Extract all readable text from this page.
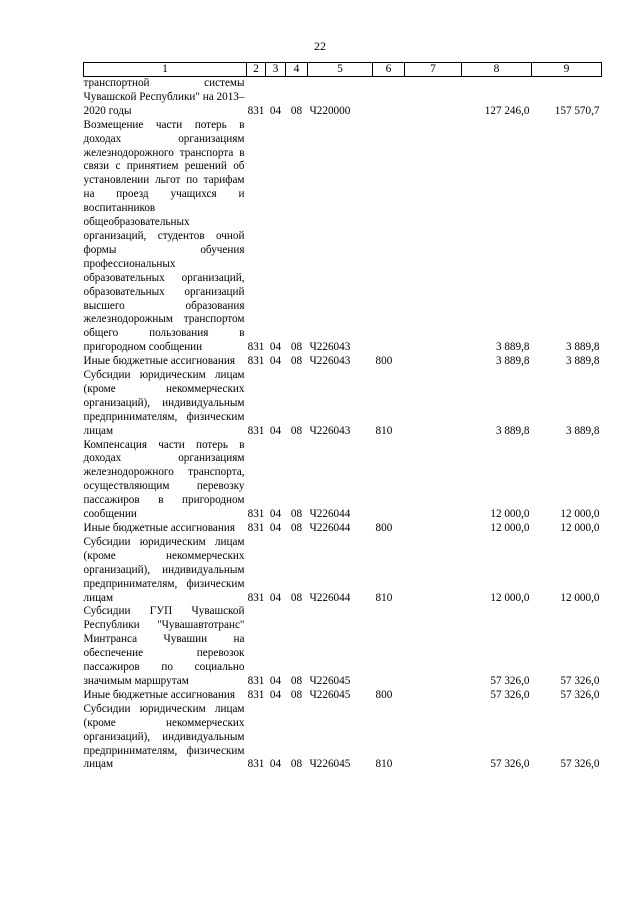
22
1	2	3	4	5	6	7	8	9
транспортной системы Чувашской Республики" на 2013–2020 годы	831	04	08	Ч220000			127 246,0	157 570,7
Возмещение части потерь в доходах организациям железнодорожного транспорта в связи с принятием решений об установлении льгот по тарифам на проезд учащихся и воспитанников общеобразовательных организаций, студентов очной формы обучения профессиональных образовательных организаций, образовательных организаций высшего образования железнодорожным транспортом общего пользования в пригородном сообщении	831	04	08	Ч226043			3 889,8	3 889,8
Иные бюджетные ассигнования	831	04	08	Ч226043	800		3 889,8	3 889,8
Субсидии юридическим лицам (кроме некоммерческих организаций), индивидуальным предпринимателям, физическим лицам	831	04	08	Ч226043	810		3 889,8	3 889,8
Компенсация части потерь в доходах организациям железнодорожного транспорта, осуществляющим перевозку пассажиров в пригородном сообщении	831	04	08	Ч226044			12 000,0	12 000,0
Иные бюджетные ассигнования	831	04	08	Ч226044	800		12 000,0	12 000,0
Субсидии юридическим лицам (кроме некоммерческих организаций), индивидуальным предпринимателям, физическим лицам	831	04	08	Ч226044	810		12 000,0	12 000,0
Субсидии ГУП Чувашской Республики "Чувашавтотранс" Минтранса Чувашии на обеспечение перевозок пассажиров по социально значимым маршрутам	831	04	08	Ч226045			57 326,0	57 326,0
Иные бюджетные ассигнования	831	04	08	Ч226045	800		57 326,0	57 326,0
Субсидии юридическим лицам (кроме некоммерческих организаций), индивидуальным предпринимателям, физическим лицам	831	04	08	Ч226045	810		57 326,0	57 326,0
